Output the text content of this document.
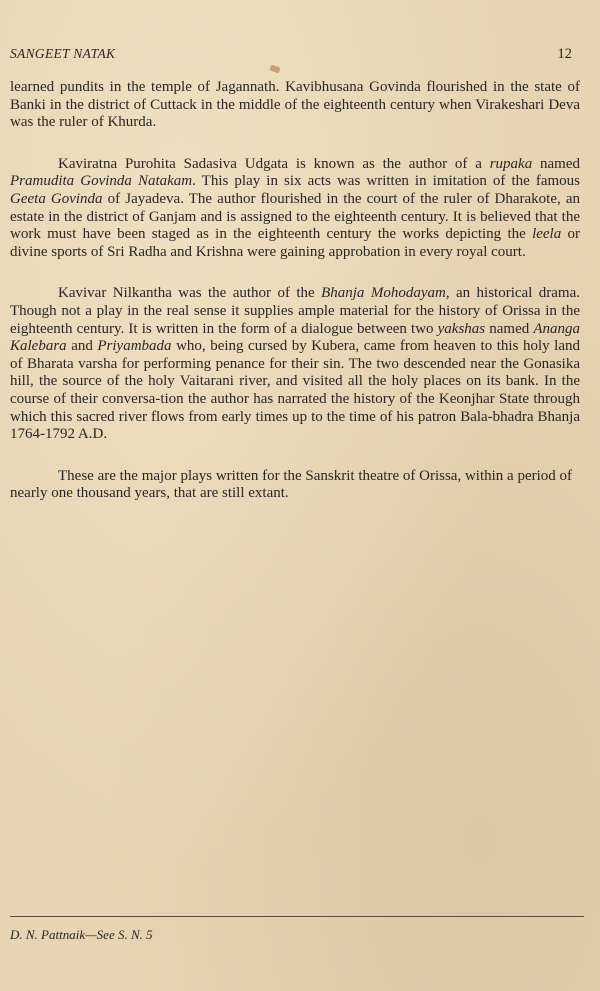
SANGEET NATAK	12

learned pundits in the temple of Jagannath. Kavibhusana Govinda flourished in the state of Banki in the district of Cuttack in the middle of the eighteenth century when Virakeshari Deva was the ruler of Khurda.

Kaviratna Purohita Sadasiva Udgata is known as the author of a rupaka named Pramudita Govinda Natakam. This play in six acts was written in imitation of the famous Geeta Govinda of Jayadeva. The author flourished in the court of the ruler of Dharakote, an estate in the district of Ganjam and is assigned to the eighteenth century. It is believed that the work must have been staged as in the eighteenth century the works depicting the leela or divine sports of Sri Radha and Krishna were gaining approbation in every royal court.

Kavivar Nilkantha was the author of the Bhanja Mohodayam, an historical drama. Though not a play in the real sense it supplies ample material for the history of Orissa in the eighteenth century. It is written in the form of a dialogue between two yakshas named Ananga Kalebara and Priyambada who, being cursed by Kubera, came from heaven to this holy land of Bharata varsha for performing penance for their sin. The two descended near the Gonasika hill, the source of the holy Vaitarani river, and visited all the holy places on its bank. In the course of their conversa-tion the author has narrated the history of the Keonjhar State through which this sacred river flows from early times up to the time of his patron Bala-bhadra Bhanja 1764-1792 A.D.

These are the major plays written for the Sanskrit theatre of Orissa, within a period of nearly one thousand years, that are still extant.

D. N. Pattnaik—See S. N. 5
